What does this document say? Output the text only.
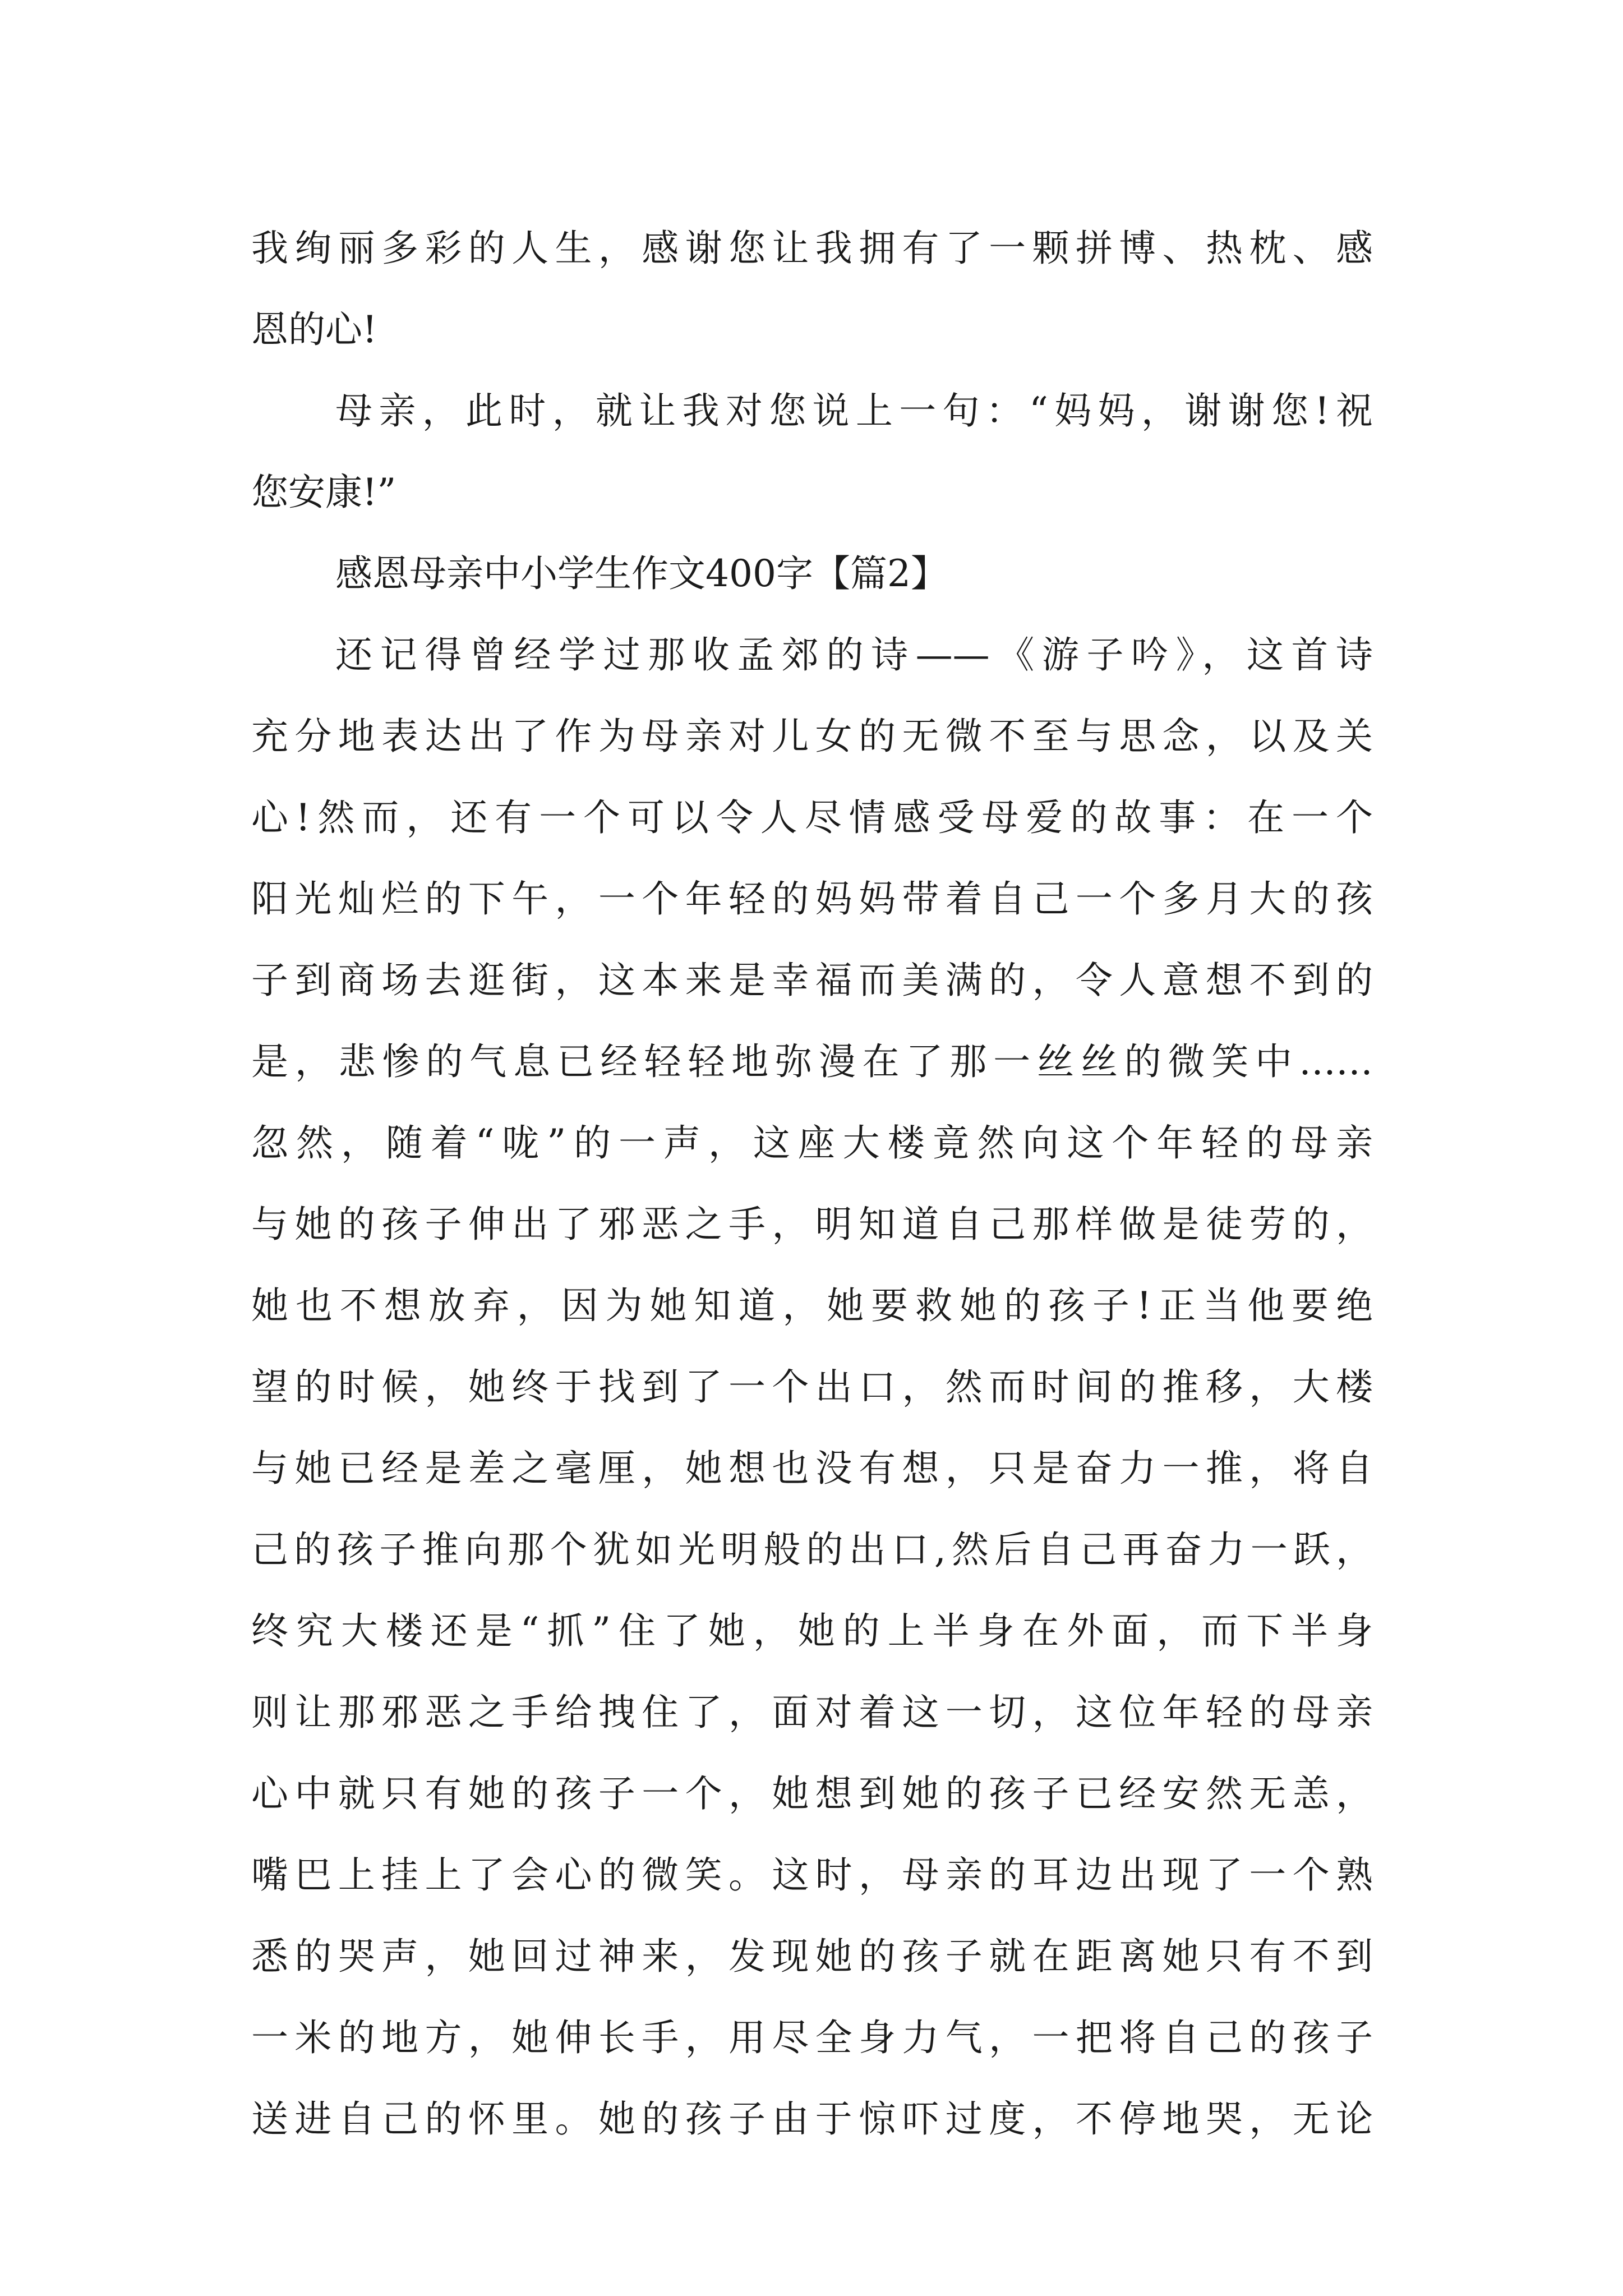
我绚丽多彩的人生，感谢您让我拥有了一颗拼博、热枕、感
恩的心!
母亲，此时，就让我对您说上一句：“妈妈，谢谢您!祝
您安康!”
感恩母亲中小学生作文400字【篇2】
还记得曾经学过那收孟郊的诗——《游子吟》，这首诗
充分地表达出了作为母亲对儿女的无微不至与思念，以及关
心!然而，还有一个可以令人尽情感受母爱的故事：在一个
阳光灿烂的下午，一个年轻的妈妈带着自己一个多月大的孩
子到商场去逛街，这本来是幸福而美满的，令人意想不到的
是，悲惨的气息已经轻轻地弥漫在了那一丝丝的微笑中……
忽然，随着“咙”的一声，这座大楼竟然向这个年轻的母亲
与她的孩子伸出了邪恶之手，明知道自己那样做是徒劳的，
她也不想放弃，因为她知道，她要救她的孩子!正当他要绝
望的时候，她终于找到了一个出口，然而时间的推移，大楼
与她已经是差之毫厘，她想也没有想，只是奋力一推，将自
己的孩子推向那个犹如光明般的出口,然后自己再奋力一跃，
终究大楼还是“抓”住了她，她的上半身在外面，而下半身
则让那邪恶之手给拽住了，面对着这一切，这位年轻的母亲
心中就只有她的孩子一个，她想到她的孩子已经安然无恙，
嘴巴上挂上了会心的微笑。这时，母亲的耳边出现了一个熟
悉的哭声，她回过神来，发现她的孩子就在距离她只有不到
一米的地方，她伸长手，用尽全身力气，一把将自己的孩子
送进自己的怀里。她的孩子由于惊吓过度，不停地哭，无论
